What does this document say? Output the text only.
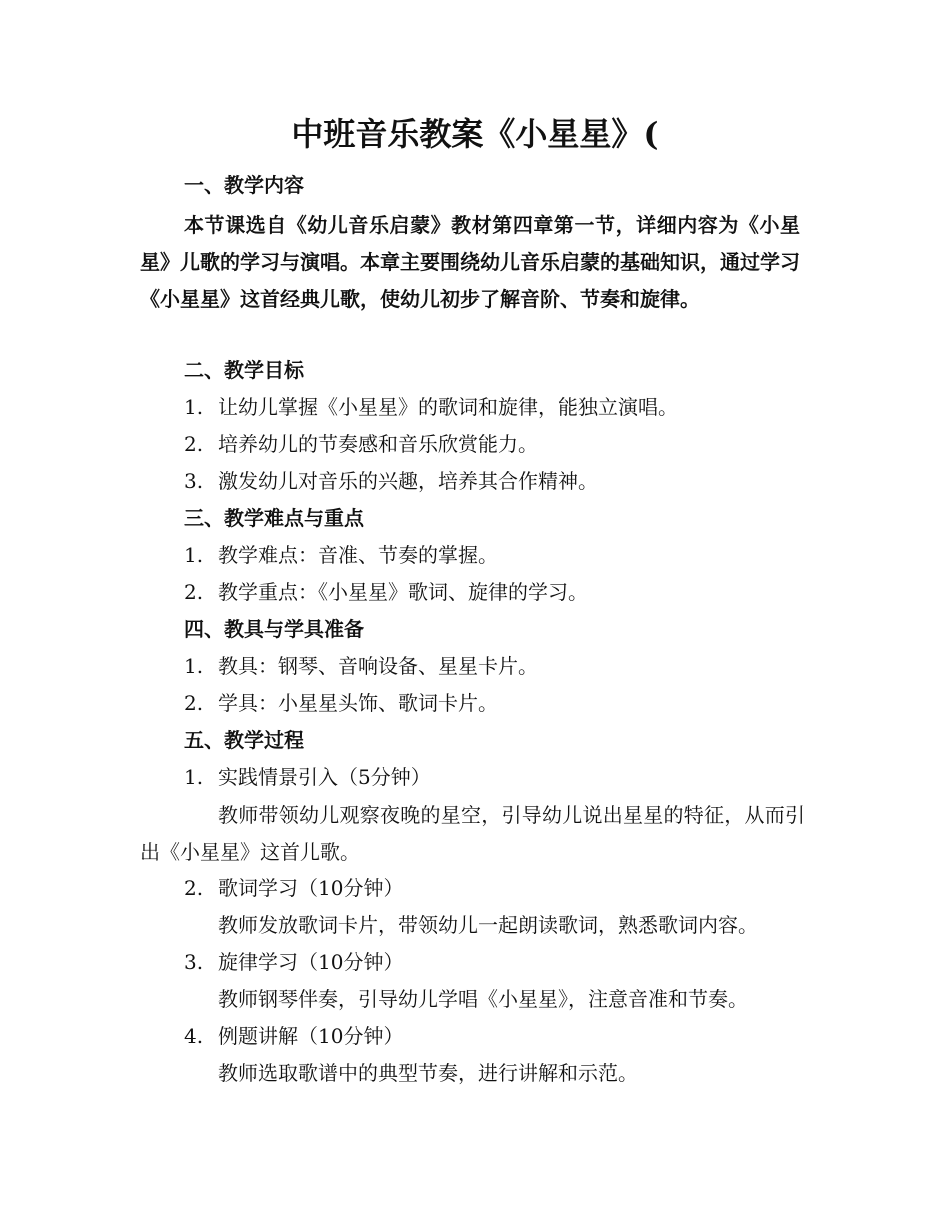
中班音乐教案《小星星》(
一、教学内容
本节课选自《幼儿音乐启蒙》教材第四章第一节，详细内容为《小星星》儿歌的学习与演唱。本章主要围绕幼儿音乐启蒙的基础知识，通过学习《小星星》这首经典儿歌，使幼儿初步了解音阶、节奏和旋律。
二、教学目标
1. 让幼儿掌握《小星星》的歌词和旋律，能独立演唱。
2. 培养幼儿的节奏感和音乐欣赏能力。
3. 激发幼儿对音乐的兴趣，培养其合作精神。
三、教学难点与重点
1. 教学难点：音准、节奏的掌握。
2. 教学重点：《小星星》歌词、旋律的学习。
四、教具与学具准备
1. 教具：钢琴、音响设备、星星卡片。
2. 学具：小星星头饰、歌词卡片。
五、教学过程
1. 实践情景引入（5分钟）
教师带领幼儿观察夜晚的星空，引导幼儿说出星星的特征，从而引出《小星星》这首儿歌。
2. 歌词学习（10分钟）
教师发放歌词卡片，带领幼儿一起朗读歌词，熟悉歌词内容。
3. 旋律学习（10分钟）
教师钢琴伴奏，引导幼儿学唱《小星星》，注意音准和节奏。
4. 例题讲解（10分钟）
教师选取歌谱中的典型节奏，进行讲解和示范。
